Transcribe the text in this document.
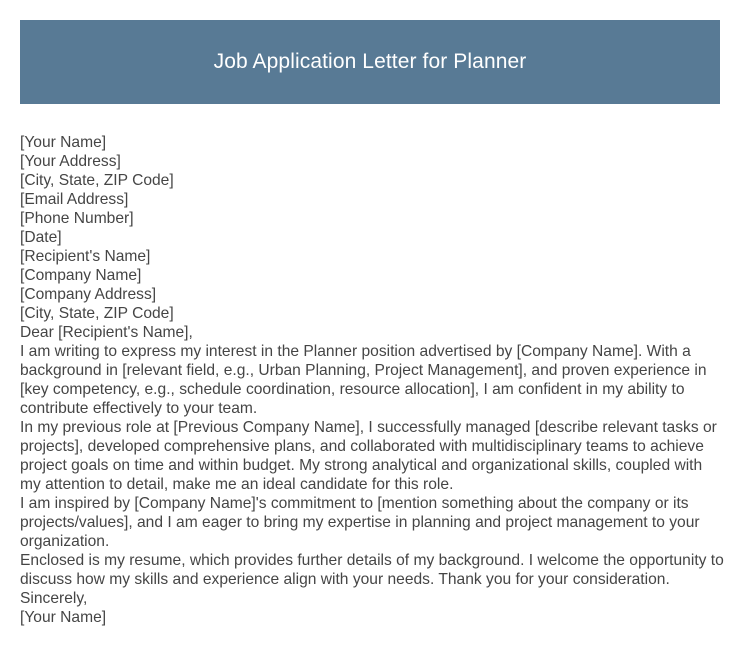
Job Application Letter for Planner

[Your Name]

[Your Address]

[City, State, ZIP Code]

[Email Address]

[Phone Number]

[Date]

[Recipient's Name]

[Company Name]

[Company Address]

[City, State, ZIP Code]

Dear [Recipient's Name],

I am writing to express my interest in the Planner position advertised by [Company Name]. With a background in [relevant field, e.g., Urban Planning, Project Management], and proven experience in [key competency, e.g., schedule coordination, resource allocation], I am confident in my ability to contribute effectively to your team.

In my previous role at [Previous Company Name], I successfully managed [describe relevant tasks or projects], developed comprehensive plans, and collaborated with multidisciplinary teams to achieve project goals on time and within budget. My strong analytical and organizational skills, coupled with my attention to detail, make me an ideal candidate for this role.

I am inspired by [Company Name]'s commitment to [mention something about the company or its projects/values], and I am eager to bring my expertise in planning and project management to your organization.

Enclosed is my resume, which provides further details of my background. I welcome the opportunity to discuss how my skills and experience align with your needs. Thank you for your consideration.

Sincerely,

[Your Name]
